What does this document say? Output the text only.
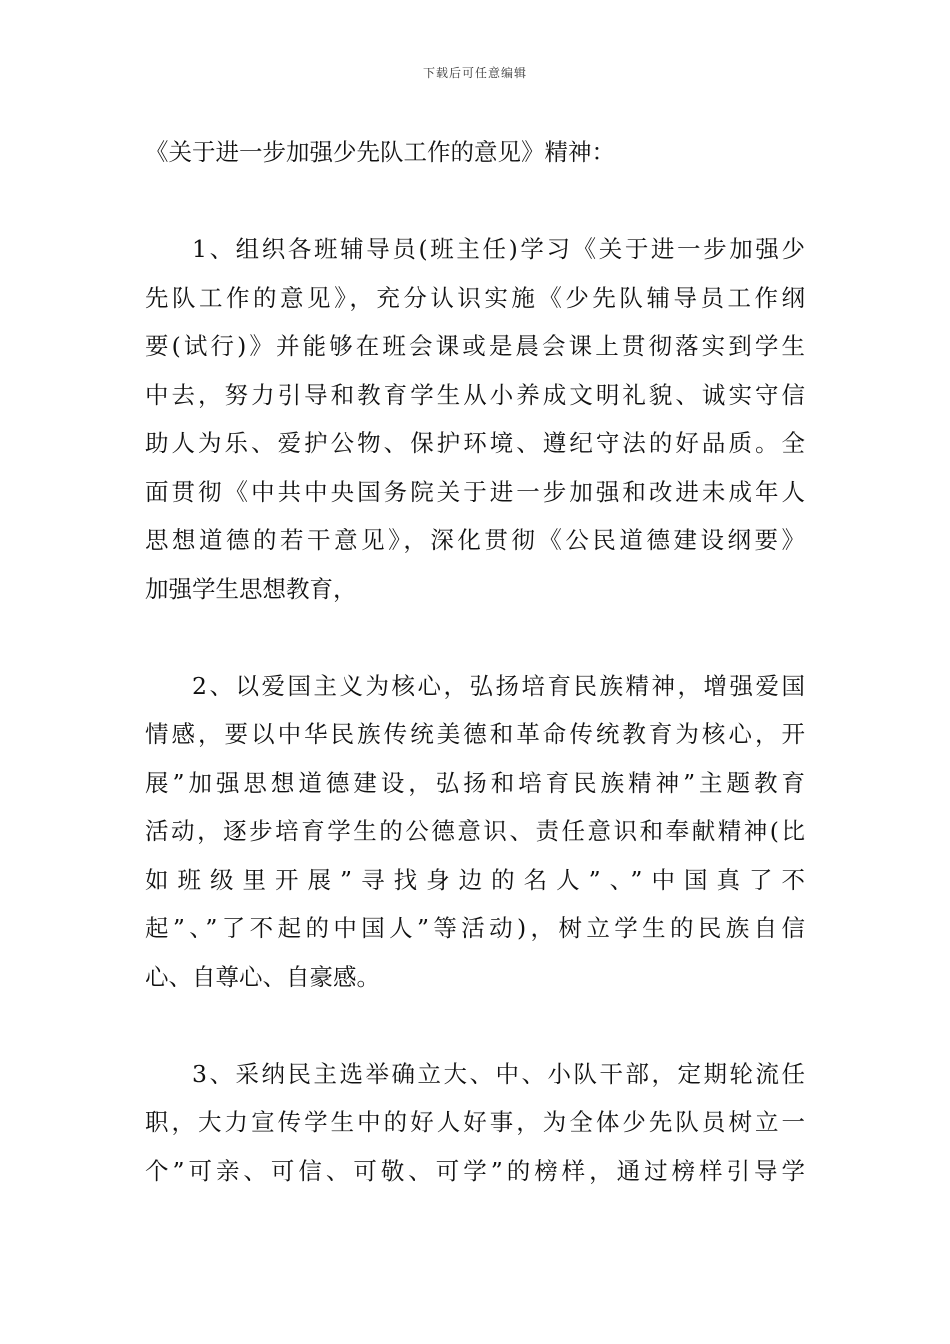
下载后可任意编辑
《关于进一步加强少先队工作的意见》精神：
1、组织各班辅导员(班主任)学习《关于进一步加强少
先队工作的意见》，充分认识实施《少先队辅导员工作纲
要(试行)》并能够在班会课或是晨会课上贯彻落实到学生
中去，努力引导和教育学生从小养成文明礼貌、诚实守信
助人为乐、爱护公物、保护环境、遵纪守法的好品质。全
面贯彻《中共中央国务院关于进一步加强和改进未成年人
思想道德的若干意见》，深化贯彻《公民道德建设纲要》
加强学生思想教育，
2、以爱国主义为核心，弘扬培育民族精神，增强爱国
情感，要以中华民族传统美德和革命传统教育为核心，开
展”加强思想道德建设，弘扬和培育民族精神”主题教育
活动，逐步培育学生的公德意识、责任意识和奉献精神(比
如班级里开展”寻找身边的名人”、”中国真了不
起”、”了不起的中国人”等活动)，树立学生的民族自信
心、自尊心、自豪感。
3、采纳民主选举确立大、中、小队干部，定期轮流任
职，大力宣传学生中的好人好事，为全体少先队员树立一
个”可亲、可信、可敬、可学”的榜样，通过榜样引导学
